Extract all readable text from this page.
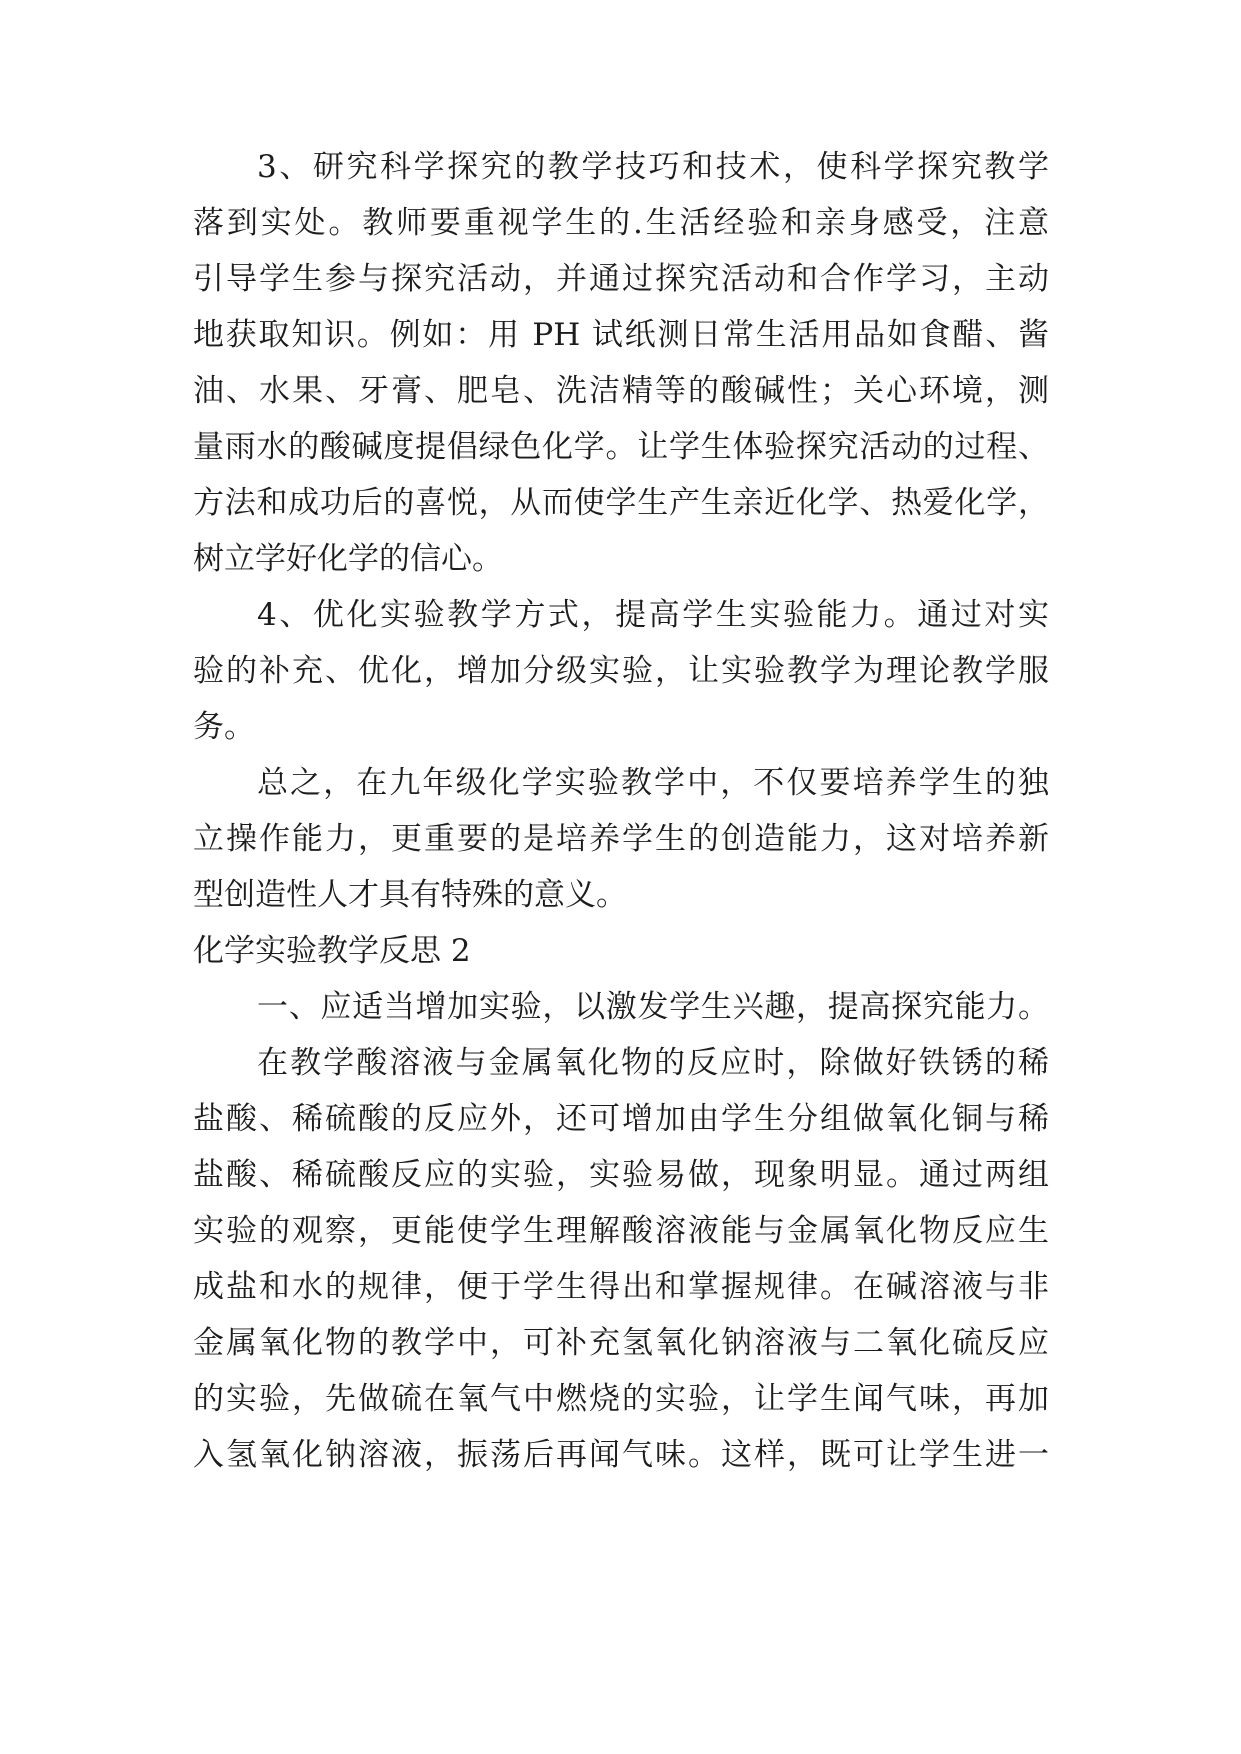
3、研究科学探究的教学技巧和技术，使科学探究教学

落到实处。教师要重视学生的.生活经验和亲身感受，注意

引导学生参与探究活动，并通过探究活动和合作学习，主动

地获取知识。例如：用 PH 试纸测日常生活用品如食醋、酱

油、水果、牙膏、肥皂、洗洁精等的酸碱性；关心环境，测

量雨水的酸碱度提倡绿色化学。让学生体验探究活动的过程、

方法和成功后的喜悦，从而使学生产生亲近化学、热爱化学，

树立学好化学的信心。

4、优化实验教学方式，提高学生实验能力。通过对实

验的补充、优化，增加分级实验，让实验教学为理论教学服

务。

总之，在九年级化学实验教学中，不仅要培养学生的独

立操作能力，更重要的是培养学生的创造能力，这对培养新

型创造性人才具有特殊的意义。

化学实验教学反思 2

一、应适当增加实验，以激发学生兴趣，提高探究能力。

在教学酸溶液与金属氧化物的反应时，除做好铁锈的稀

盐酸、稀硫酸的反应外，还可增加由学生分组做氧化铜与稀

盐酸、稀硫酸反应的实验，实验易做，现象明显。通过两组

实验的观察，更能使学生理解酸溶液能与金属氧化物反应生

成盐和水的规律，便于学生得出和掌握规律。在碱溶液与非

金属氧化物的教学中，可补充氢氧化钠溶液与二氧化硫反应

的实验，先做硫在氧气中燃烧的实验，让学生闻气味，再加

入氢氧化钠溶液，振荡后再闻气味。这样，既可让学生进一
